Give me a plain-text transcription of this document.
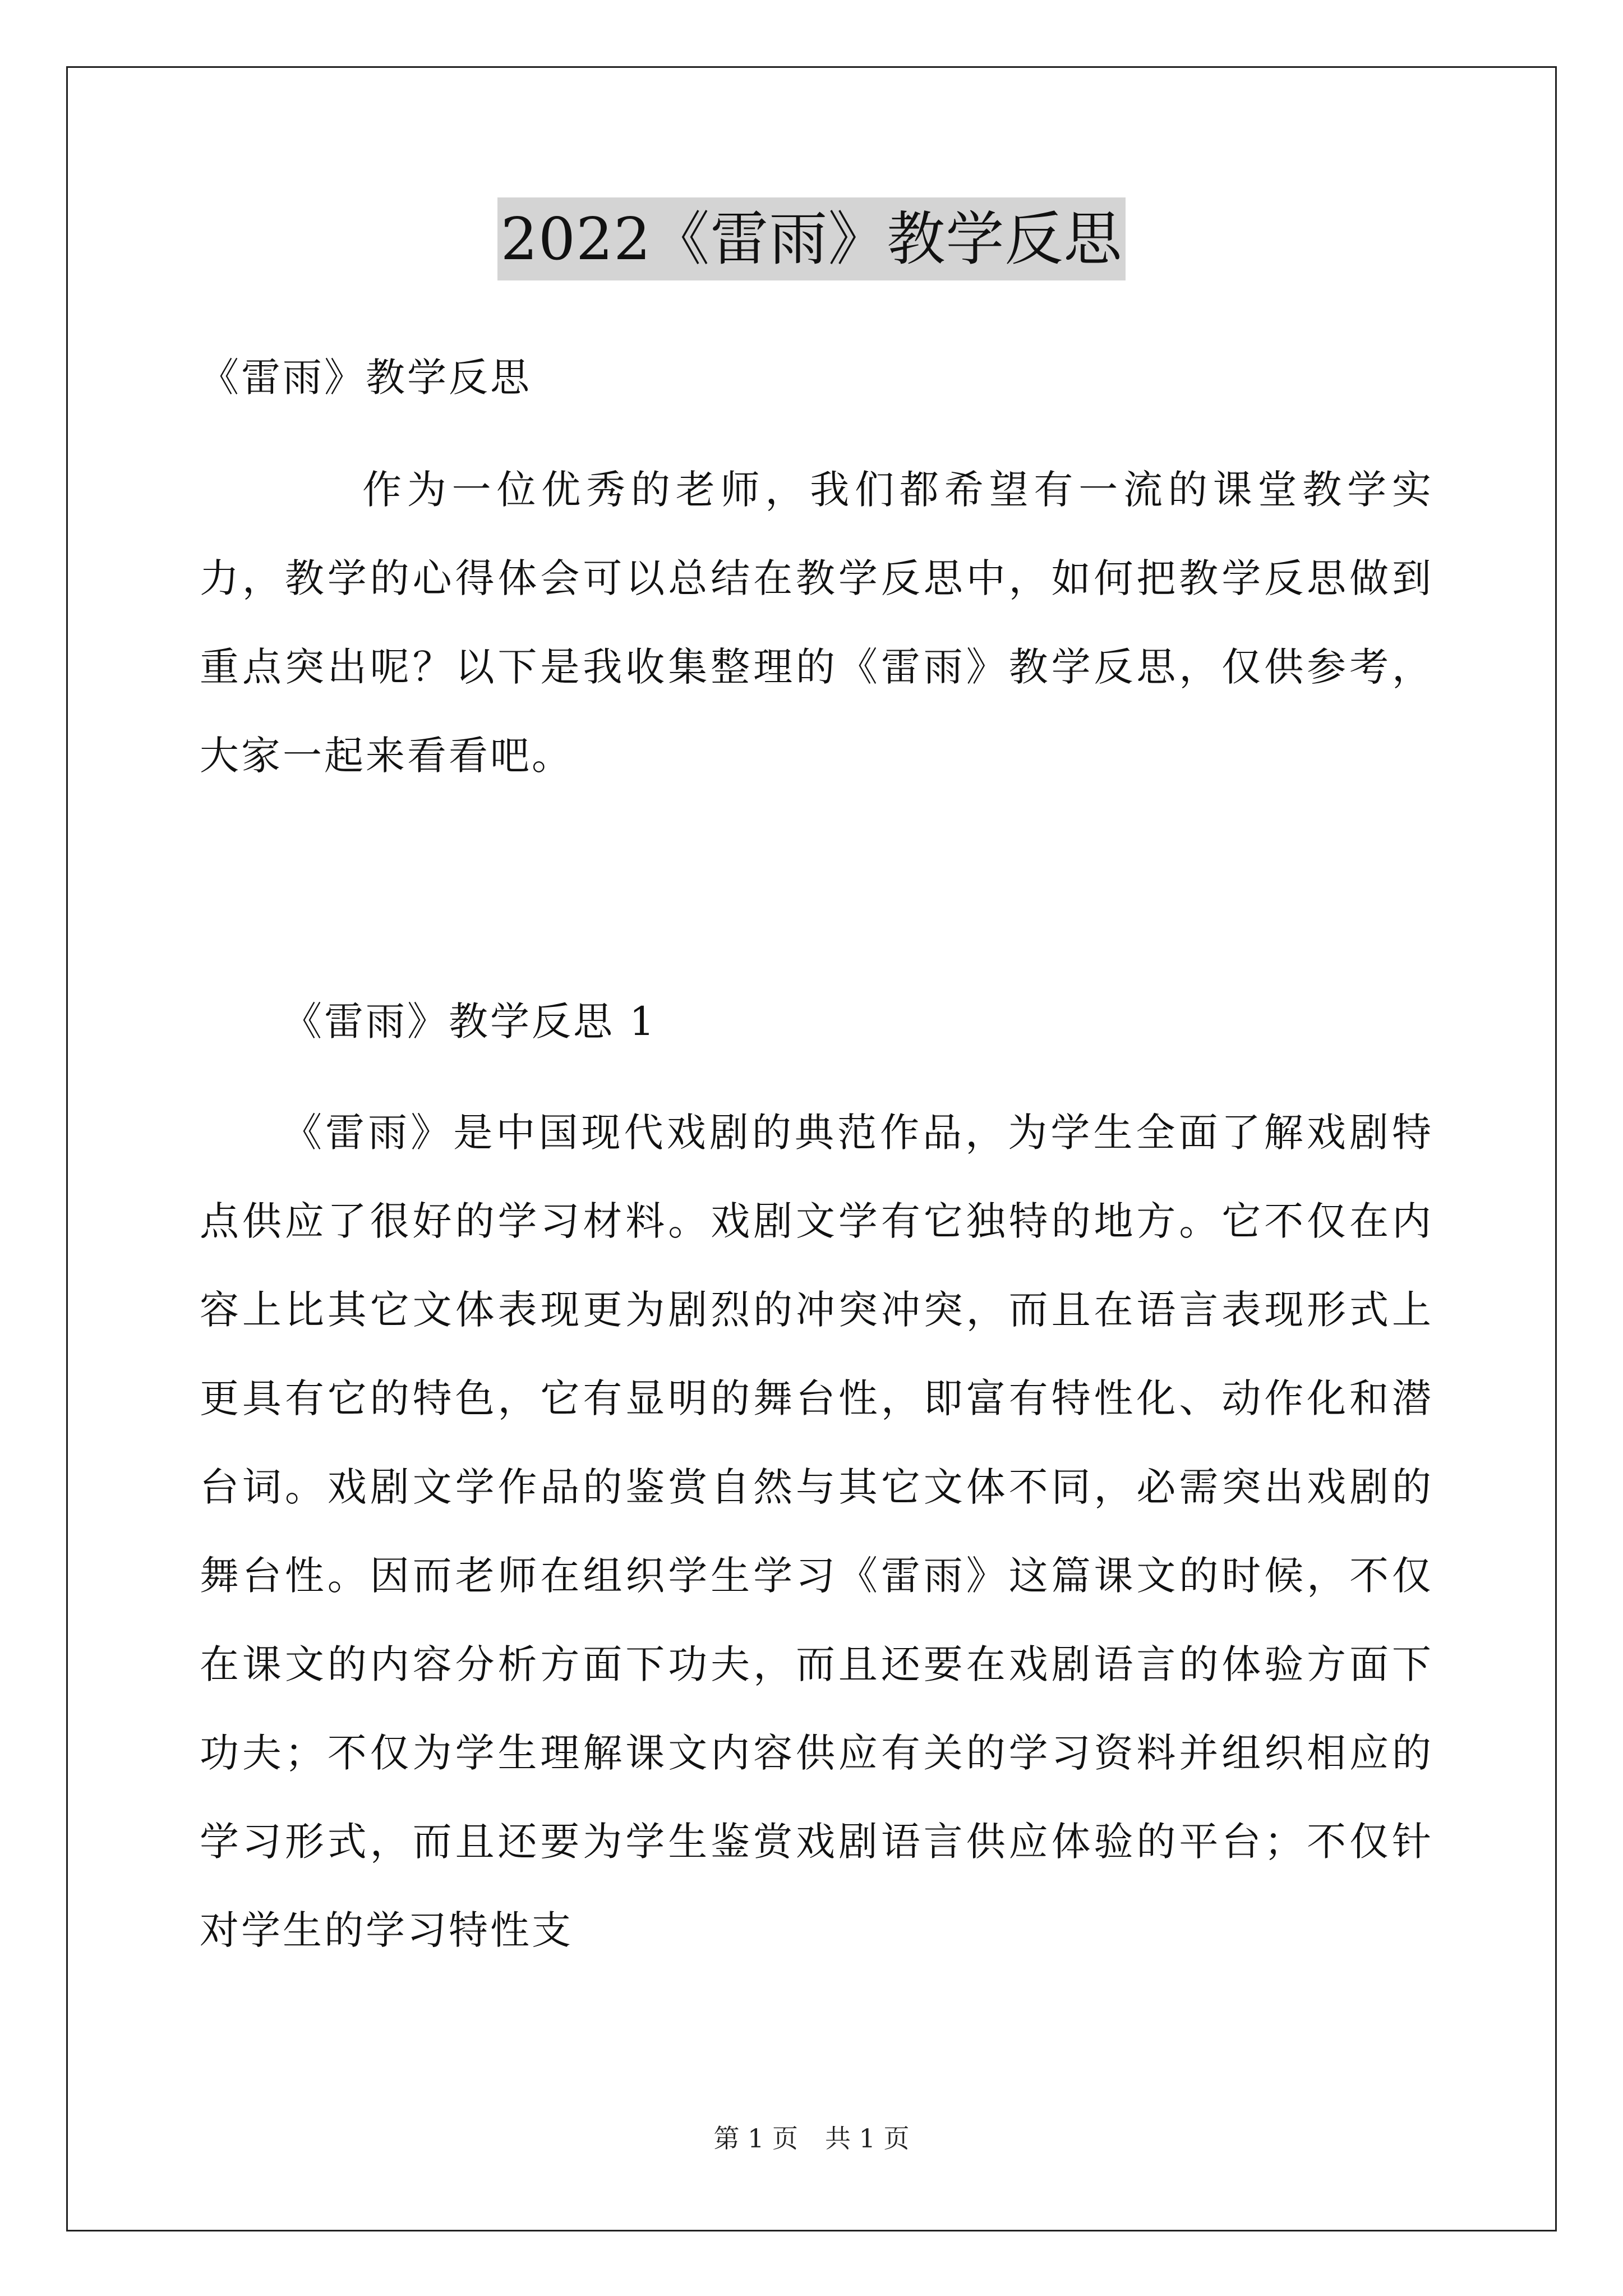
2022《雷雨》教学反思
《雷雨》教学反思
作为一位优秀的老师，我们都希望有一流的课堂教学实力，教学的心得体会可以总结在教学反思中，如何把教学反思做到重点突出呢？以下是我收集整理的《雷雨》教学反思，仅供参考，大家一起来看看吧。
《雷雨》教学反思 1
《雷雨》是中国现代戏剧的典范作品，为学生全面了解戏剧特点供应了很好的学习材料。戏剧文学有它独特的地方。它不仅在内容上比其它文体表现更为剧烈的冲突冲突，而且在语言表现形式上更具有它的特色，它有显明的舞台性，即富有特性化、动作化和潜台词。戏剧文学作品的鉴赏自然与其它文体不同，必需突出戏剧的舞台性。因而老师在组织学生学习《雷雨》这篇课文的时候，不仅在课文的内容分析方面下功夫，而且还要在戏剧语言的体验方面下功夫；不仅为学生理解课文内容供应有关的学习资料并组织相应的学习形式，而且还要为学生鉴赏戏剧语言供应体验的平台；不仅针对学生的学习特性支
第 1 页 共 1 页
